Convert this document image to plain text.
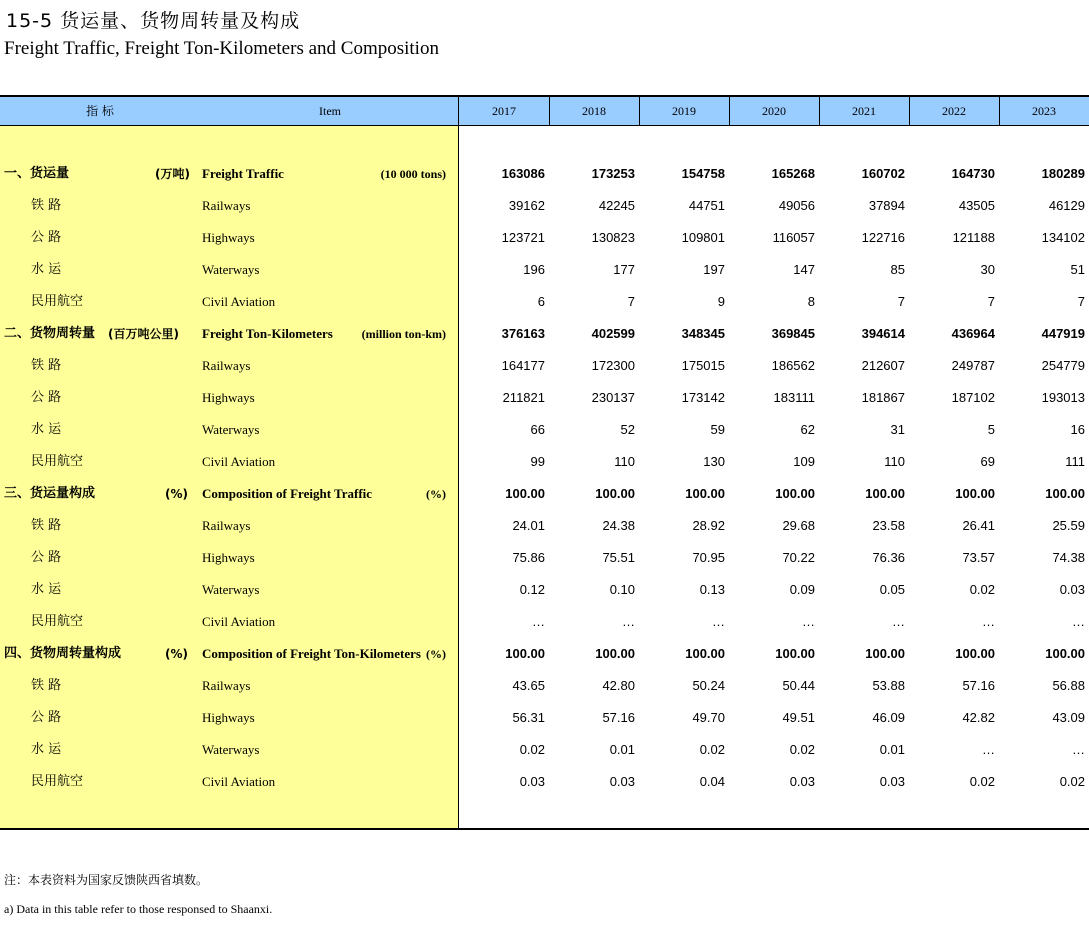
15-5 货运量、货物周转量及构成
Freight Traffic, Freight Ton-Kilometers and Composition
指 标	Item	2017	2018	2019	2020	2021	2022	2023
一、货运量	(万吨) Freight Traffic	(10 000 tons)	163086	173253	154758	165268	160702	164730	180289
铁 路	Railways	39162	42245	44751	49056	37894	43505	46129
公 路	Highways	123721	130823	109801	116057	122716	121188	134102
水 运	Waterways	196	177	197	147	85	30	51
民用航空	Civil Aviation	6	7	9	8	7	7	7
二、货物周转量 (百万吨公里) Freight Ton-Kilometers (million ton-km)	376163	402599	348345	369845	394614	436964	447919
铁 路	Railways	164177	172300	175015	186562	212607	249787	254779
公 路	Highways	211821	230137	173142	183111	181867	187102	193013
水 运	Waterways	66	52	59	62	31	5	16
民用航空	Civil Aviation	99	110	130	109	110	69	111
三、货运量构成	(%) Composition of Freight Traffic	(%)	100.00	100.00	100.00	100.00	100.00	100.00	100.00
铁 路	Railways	24.01	24.38	28.92	29.68	23.58	26.41	25.59
公 路	Highways	75.86	75.51	70.95	70.22	76.36	73.57	74.38
水 运	Waterways	0.12	0.10	0.13	0.09	0.05	0.02	0.03
民用航空	Civil Aviation	…	…	…	…	…	…	…
四、货物周转量构成	(%) Composition of Freight Ton-Kilometers (%)	100.00	100.00	100.00	100.00	100.00	100.00	100.00
铁 路	Railways	43.65	42.80	50.24	50.44	53.88	57.16	56.88
公 路	Highways	56.31	57.16	49.70	49.51	46.09	42.82	43.09
水 运	Waterways	0.02	0.01	0.02	0.02	0.01	…	…
民用航空	Civil Aviation	0.03	0.03	0.04	0.03	0.03	0.02	0.02
注：本表资料为国家反馈陕西省填数。
a) Data in this table refer to those responsed to Shaanxi.
